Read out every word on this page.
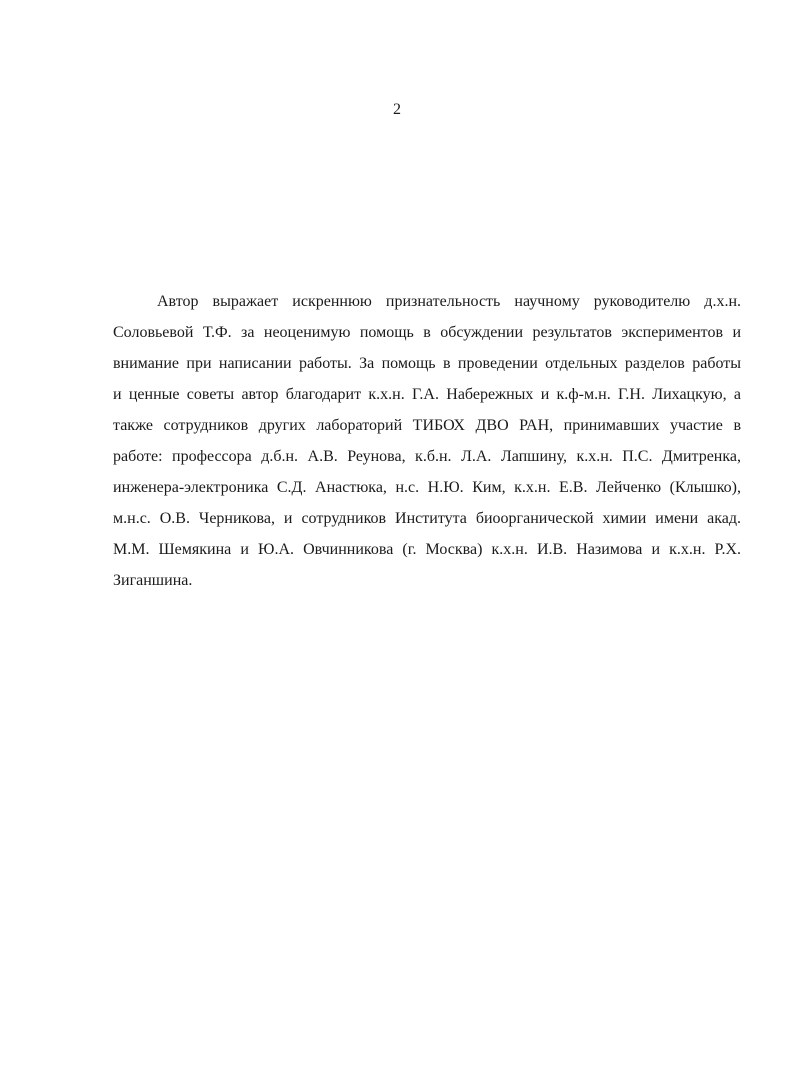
2
Автор выражает искреннюю признательность научному руководителю д.х.н.
Соловьевой Т.Ф. за неоценимую помощь в обсуждении результатов экспериментов и
внимание при написании работы. За помощь в проведении отдельных разделов работы
и ценные советы автор благодарит к.х.н. Г.А. Набережных и к.ф-м.н. Г.Н. Лихацкую, а
также сотрудников других лабораторий ТИБОХ ДВО РАН, принимавших участие в
работе: профессора д.б.н. А.В. Реунова, к.б.н. Л.А. Лапшину, к.х.н. П.С. Дмитренка,
инженера-электроника С.Д. Анастюка, н.с. Н.Ю. Ким, к.х.н. Е.В. Лейченко (Клышко),
м.н.с. О.В. Черникова, и сотрудников Института биоорганической химии имени акад.
М.М. Шемякина и Ю.А. Овчинникова (г. Москва) к.х.н. И.В. Назимова и к.х.н. Р.Х.
Зиганшина.
